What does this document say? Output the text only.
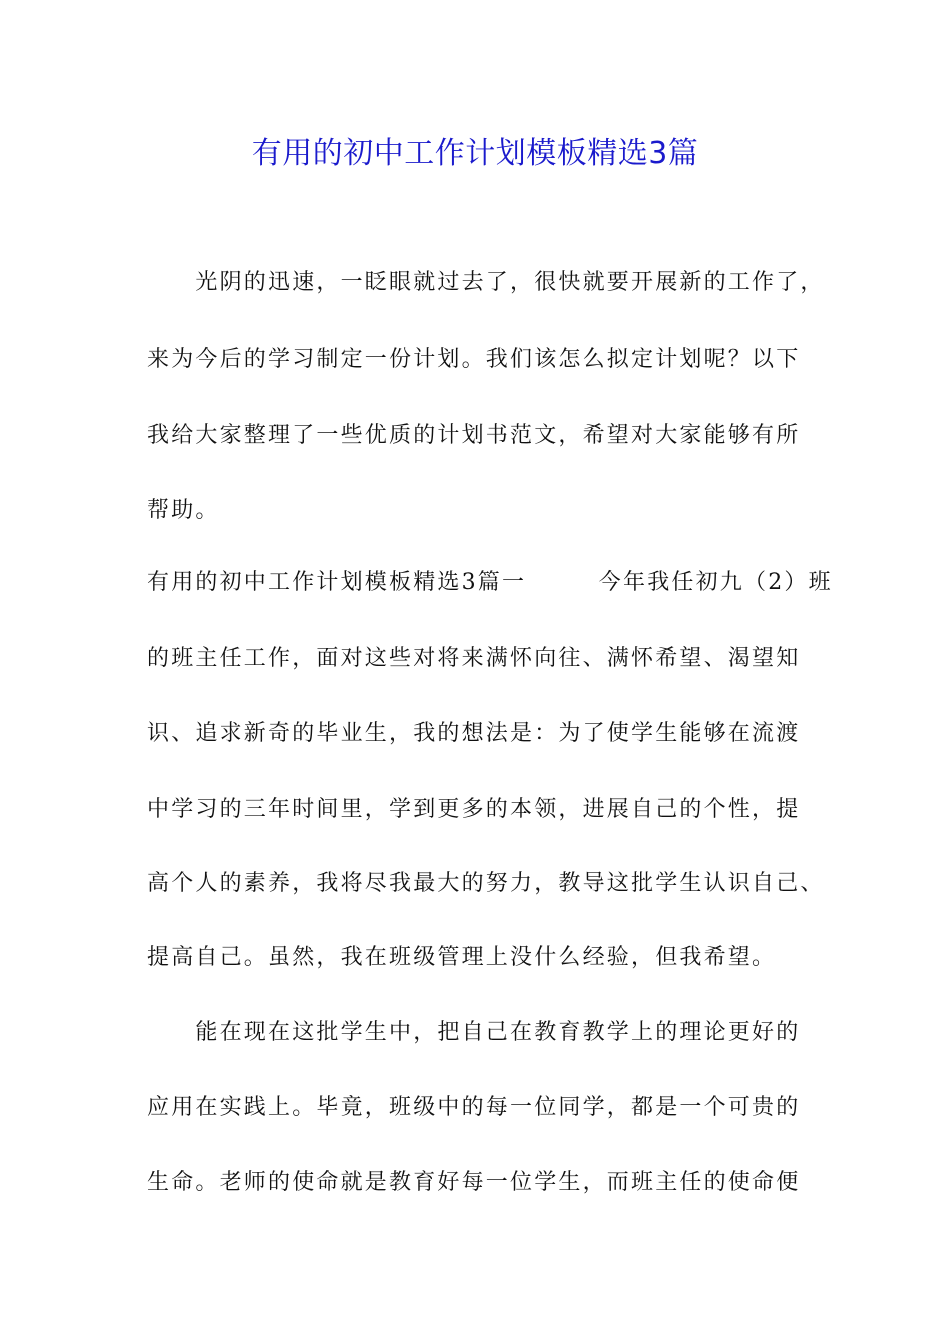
有用的初中工作计划模板精选3篇
　　光阴的迅速，一眨眼就过去了，很快就要开展新的工作了，
来为今后的学习制定一份计划。我们该怎么拟定计划呢？以下
我给大家整理了一些优质的计划书范文，希望对大家能够有所
帮助。
有用的初中工作计划模板精选3篇一　　　今年我任初九（2）班
的班主任工作，面对这些对将来满怀向往、满怀希望、渴望知
识、追求新奇的毕业生，我的想法是：为了使学生能够在流渡
中学习的三年时间里，学到更多的本领，进展自己的个性，提
高个人的素养，我将尽我最大的努力，教导这批学生认识自己、
提高自己。虽然，我在班级管理上没什么经验，但我希望。
　　能在现在这批学生中，把自己在教育教学上的理论更好的
应用在实践上。毕竟，班级中的每一位同学，都是一个可贵的
生命。老师的使命就是教育好每一位学生，而班主任的使命便
